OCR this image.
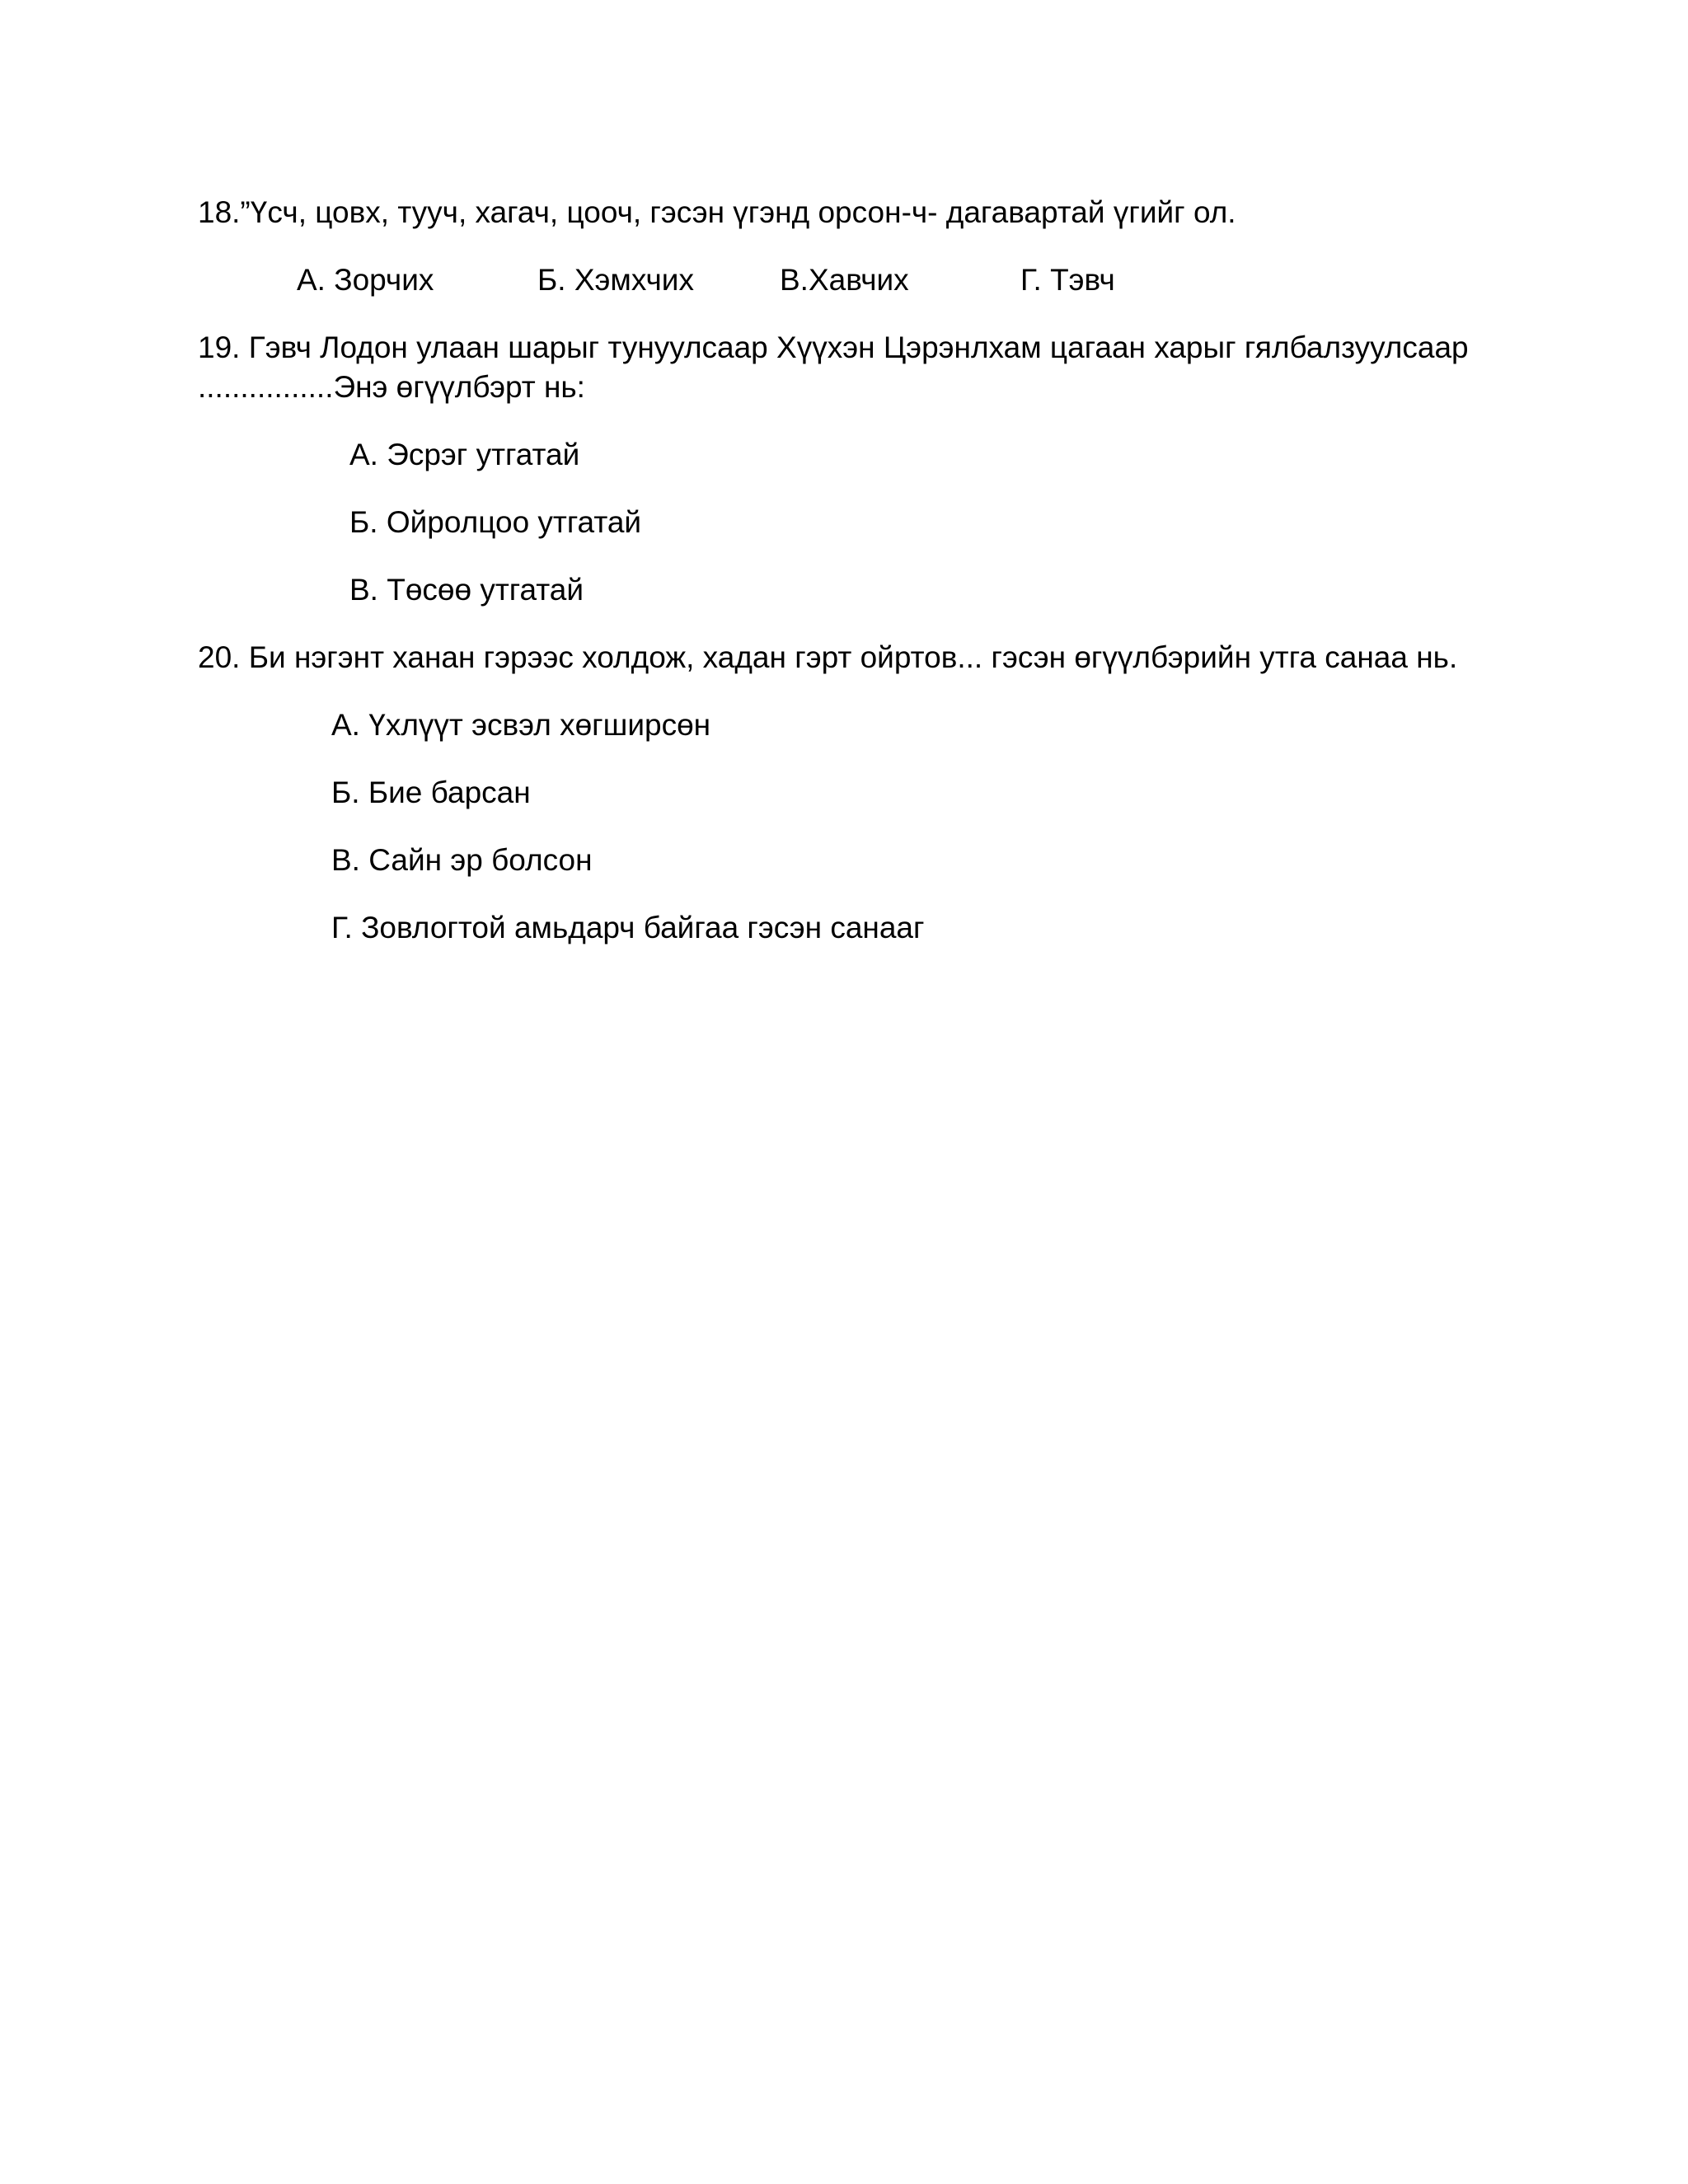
18.”Үсч, цовх, тууч, хагач, цооч, гэсэн үгэнд орсон-ч- дагавартай үгийг ол.

А. Зорчих	Б. Хэмхчих	В.Хавчих	Г. Тэвч

19. Гэвч Лодон улаан шарыг тунуулсаар Хүүхэн Цэрэнлхам цагаан харыг гялбалзуулсаар

................Энэ өгүүлбэрт нь:

А. Эсрэг утгатай

Б. Ойролцоо утгатай

В. Төсөө утгатай

20. Би нэгэнт ханан гэрээс холдож, хадан гэрт ойртов... гэсэн өгүүлбэрийн утга санаа нь.

А. Үхлүүт эсвэл хөгширсөн

Б. Бие барсан

В. Сайн эр болсон

Г. Зовлогтой амьдарч байгаа гэсэн санааг
